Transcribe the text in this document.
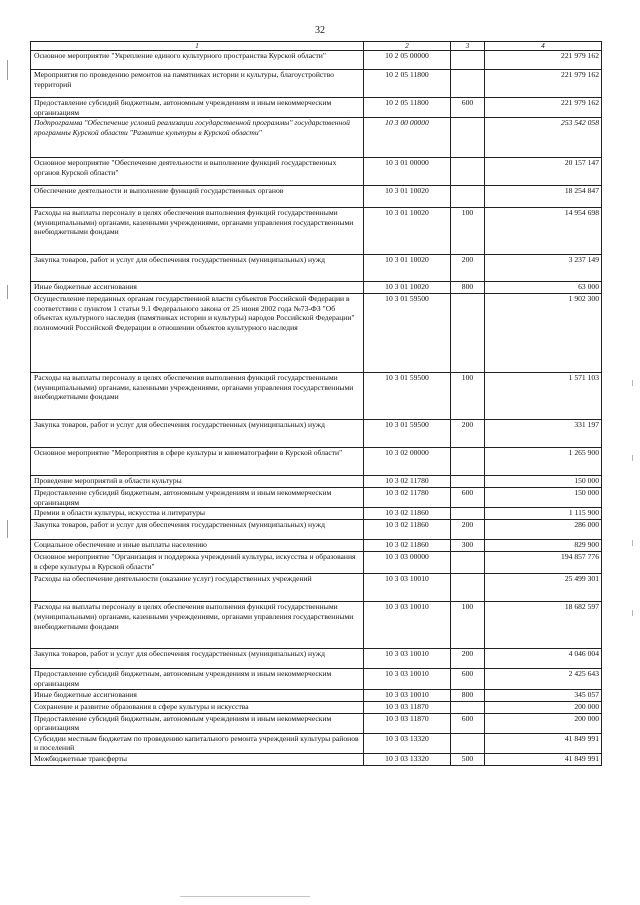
32
1	2	3	4
Основное мероприятие "Укрепление единого культурного пространства Курской области"	10 2 05 00000		221 979 162
Мероприятия по проведению ремонтов на памятниках истории и культуры, благоустройство территорий	10 2 05 11800		221 979 162
Предоставление субсидий бюджетным, автономным учреждениям и иным некоммерческим организациям	10 2 05 11800	600	221 979 162
Подпрограмма "Обеспечение условий реализации государственной программы" государственной программы Курской области "Развитие культуры в Курской области"	10 3 00 00000		253 542 058
Основное мероприятие "Обеспечение деятельности и выполнение функций государственных органов Курской области"	10 3 01 00000		20 157 147
Обеспечение деятельности и выполнение функций государственных органов	10 3 01 10020		18 254 847
Расходы на выплаты персоналу в целях обеспечения выполнения функций государственными (муниципальными) органами, казенными учреждениями, органами управления государственными внебюджетными фондами	10 3 01 10020	100	14 954 698
Закупка товаров, работ и услуг для обеспечения государственных (муниципальных) нужд	10 3 01 10020	200	3 237 149
Иные бюджетные ассигнования	10 3 01 10020	800	63 000
Осуществление переданных органам государственной власти субъектов Российской Федерации в соответствии с пунктом 1 статьи 9.1 Федерального закона от 25 июня 2002 года №73-ФЗ "Об объектах культурного наследия (памятниках истории и культуры) народов Российской Федерации" полномочий Российской Федерации в отношении объектов культурного наследия	10 3 01 59500		1 902 300
Расходы на выплаты персоналу в целях обеспечения выполнения функций государственными (муниципальными) органами, казенными учреждениями, органами управления государственными внебюджетными фондами	10 3 01 59500	100	1 571 103
Закупка товаров, работ и услуг для обеспечения государственных (муниципальных) нужд	10 3 01 59500	200	331 197
Основное мероприятие "Мероприятия в сфере культуры и кинематографии в Курской области"	10 3 02 00000		1 265 900
Проведение мероприятий в области культуры	10 3 02 11780		150 000
Предоставление субсидий бюджетным, автономным учреждениям и иным некоммерческим организациям	10 3 02 11780	600	150 000
Премии в области культуры, искусства и литературы	10 3 02 11860		1 115 900
Закупка товаров, работ и услуг для обеспечения государственных (муниципальных) нужд	10 3 02 11860	200	286 000
Социальное обеспечение и иные выплаты населению	10 3 02 11860	300	829 900
Основное мероприятие "Организация и поддержка учреждений культуры, искусства и образования в сфере культуры в Курской области"	10 3 03 00000		194 857 776
Расходы на обеспечение деятельности (оказание услуг) государственных учреждений	10 3 03 10010		25 499 301
Расходы на выплаты персоналу в целях обеспечения выполнения функций государственными (муниципальными) органами, казенными учреждениями, органами управления государственными внебюджетными фондами	10 3 03 10010	100	18 682 597
Закупка товаров, работ и услуг для обеспечения государственных (муниципальных) нужд	10 3 03 10010	200	4 046 004
Предоставление субсидий бюджетным, автономным учреждениям и иным некоммерческим организациям	10 3 03 10010	600	2 425 643
Иные бюджетные ассигнования	10 3 03 10010	800	345 057
Сохранение и развитие образования в сфере культуры и искусства	10 3 03 11870		200 000
Предоставление субсидий бюджетным, автономным учреждениям и иным некоммерческим организациям	10 3 03 11870	600	200 000
Субсидии местным бюджетам по проведению капитального ремонта учреждений культуры районов и поселений	10 3 03 13320		41 849 991
Межбюджетные трансферты	10 3 03 13320	500	41 849 991
